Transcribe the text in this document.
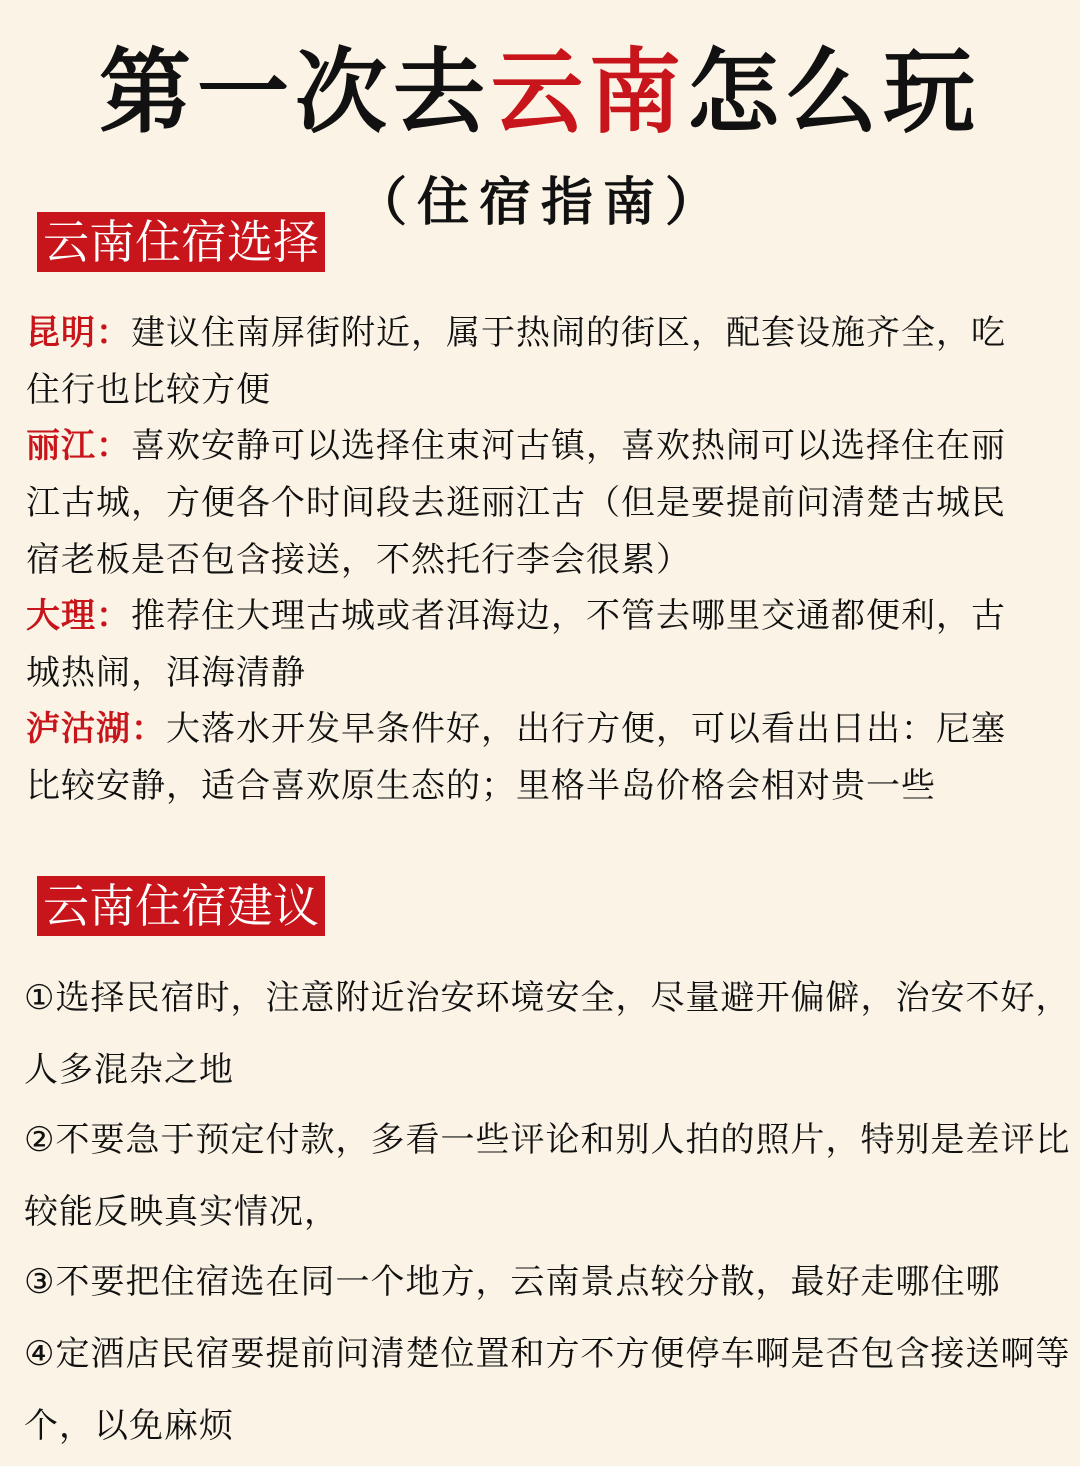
第一次去云南怎么玩
（住宿指南）
云南住宿选择
昆明：建议住南屏街附近，属于热闹的街区，配套设施齐全，吃住行也比较方便
丽江：喜欢安静可以选择住束河古镇，喜欢热闹可以选择住在丽江古城，方便各个时间段去逛丽江古（但是要提前问清楚古城民宿老板是否包含接送，不然托行李会很累）
大理：推荐住大理古城或者洱海边，不管去哪里交通都便利，古城热闹，洱海清静
泸沽湖：大落水开发早条件好，出行方便，可以看出日出：尼塞比较安静，适合喜欢原生态的；里格半岛价格会相对贵一些
云南住宿建议
①选择民宿时，注意附近治安环境安全，尽量避开偏僻，治安不好，人多混杂之地
②不要急于预定付款，多看一些评论和别人拍的照片，特别是差评比较能反映真实情况，
③不要把住宿选在同一个地方，云南景点较分散，最好走哪住哪
④定酒店民宿要提前问清楚位置和方不方便停车啊是否包含接送啊等个，以免麻烦
